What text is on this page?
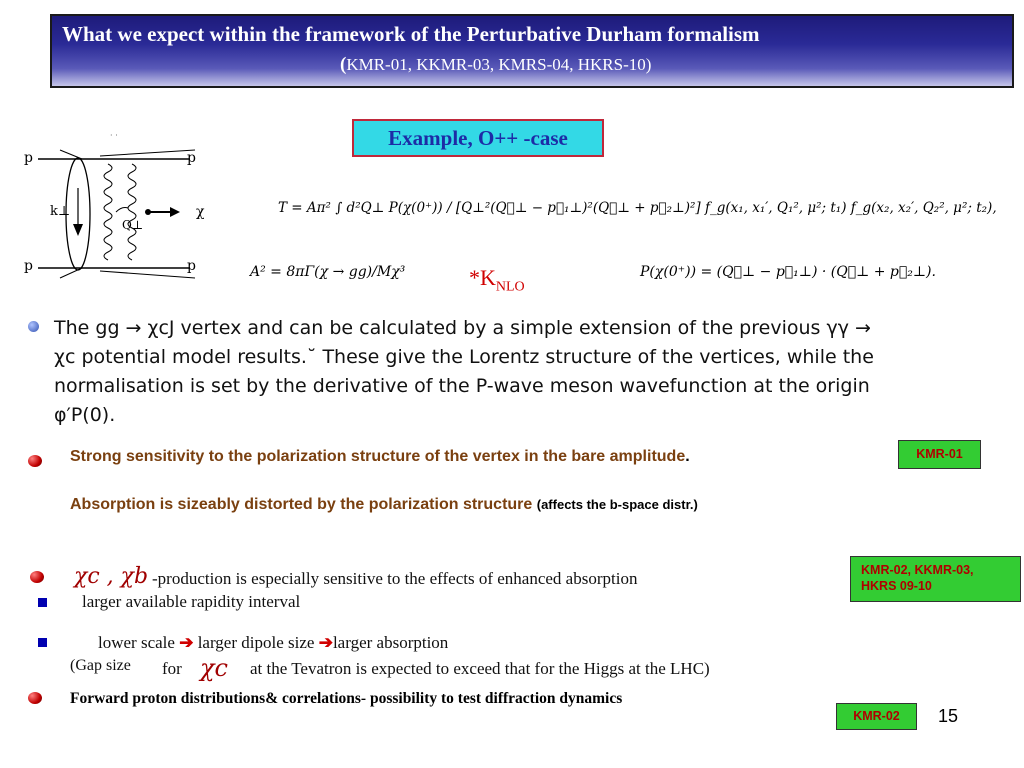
What we expect within the framework of the Perturbative Durham formalism
(KMR-01, KKMR-03, KMRS-04, HKRS-10)
Example, O++ -case
· ·
p	p
p	p
k⊥
Q⊥
χ	T = Aπ² ∫ d²Q⊥ P(χ(0⁺)) / [Q⊥²(Q⃗⊥ − p⃗₁⊥)²(Q⃗⊥ + p⃗₂⊥)²] f_g(x₁, x₁′, Q₁², μ²; t₁) f_g(x₂, x₂′, Q₂², μ²; t₂),
A² = 8πΓ(χ → gg)/Mχ³	$*K_{NLO}$
P(χ(0⁺)) = (Q⃗⊥ − p⃗₁⊥) · (Q⃗⊥ + p⃗₂⊥).
The gg → χcJ vertex and can be calculated by a simple extension of the previous γγ → χc potential model results.˘ These give the Lorentz structure of the vertices, while the normalisation is set by the derivative of the P-wave meson wavefunction at the origin φ′P(0).
Strong sensitivity to the polarization structure of the vertex in the bare amplitude.	KMR-01
Absorption is sizeably distorted by the polarization structure (affects the b-space distr.)
χc , χb -production is especially sensitive to the effects of enhanced absorption	KMR-02, KKMR-03, HKRS 09-10
larger available rapidity interval
lower scale ➔ larger dipole size ➔larger absorption
(Gap size for χc at the Tevatron is expected to exceed that for the Higgs at the LHC)
Forward proton distributions& correlations- possibility to test diffraction dynamics
KMR-02	15
